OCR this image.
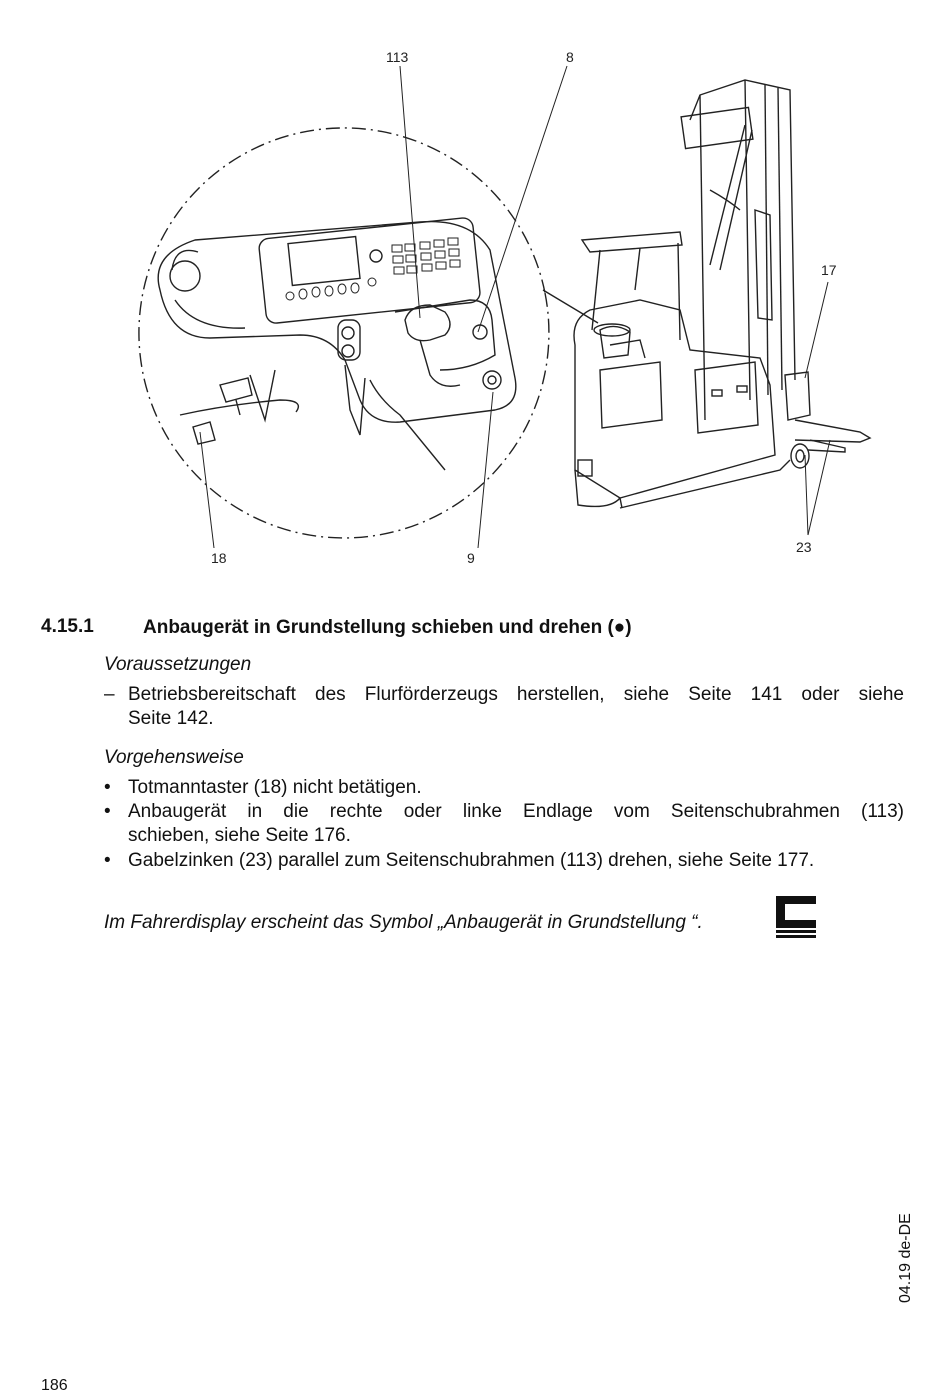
113	8
17
18	9
23
4.15.1	Anbaugerät in Grundstellung schieben und drehen (●)
Voraussetzungen
– Betriebsbereitschaft des Flurförderzeugs herstellen, siehe Seite 141 oder siehe
Seite 142.
Vorgehensweise
• Totmanntaster (18) nicht betätigen.
• Anbaugerät in die rechte oder linke Endlage vom Seitenschubrahmen (113)
schieben, siehe Seite 176.
• Gabelzinken (23) parallel zum Seitenschubrahmen (113) drehen, siehe Seite 177.
Im Fahrerdisplay erscheint das Symbol „Anbaugerät in Grundstellung “.
186
04.19 de-DE
